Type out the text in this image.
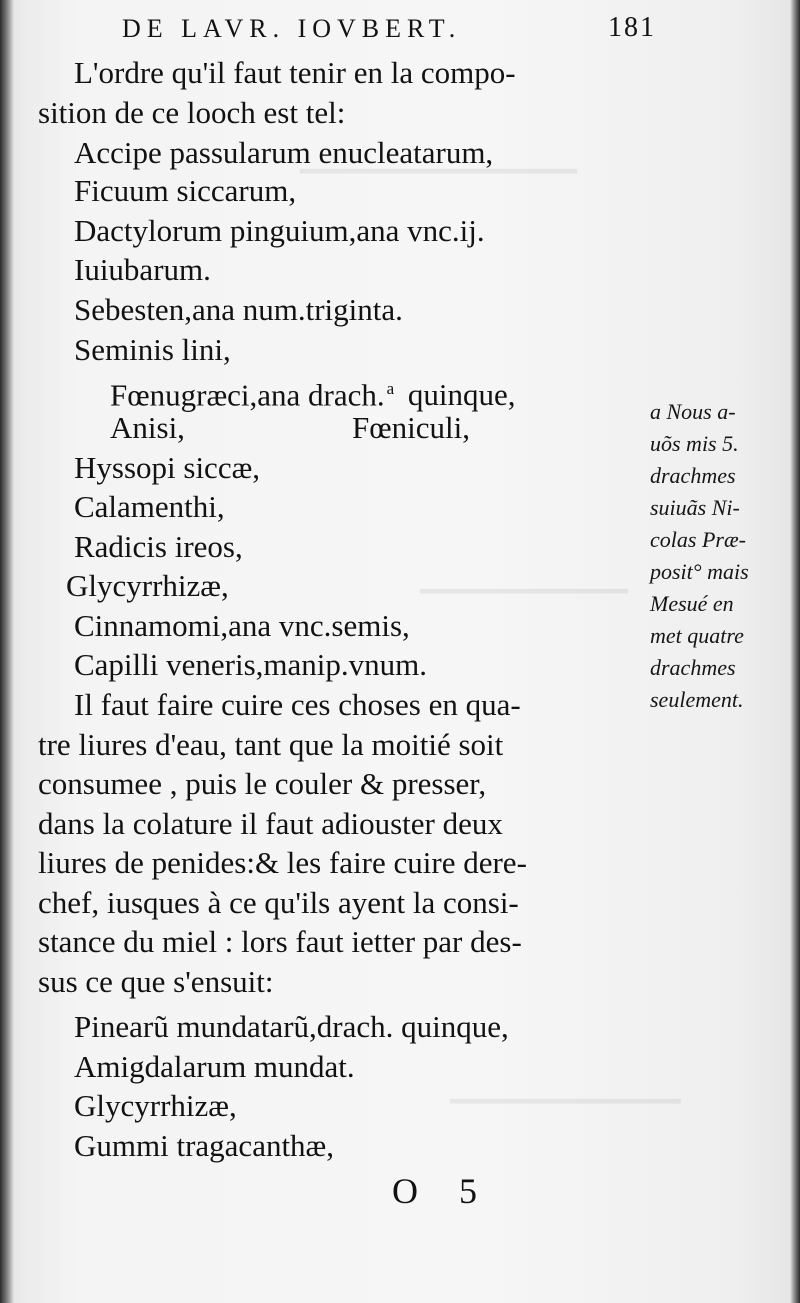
▔▔▔▔▔▔▔▔▔▔▔▔
▔▔▔▔▔▔▔▔▔
▔▔▔▔▔▔▔▔▔▔
DE LAVR. IOVBERT.	181
L'ordre qu'il faut tenir en la compo-
sition de ce looch est tel:
Accipe passularum enucleatarum,
Ficuum siccarum,
Dactylorum pinguium,ana vnc.ij.
Iuiubarum.
Sebesten,ana num.triginta.
Seminis lini,
Fœnugræci,ana drach. $^a$ quinque,
Anisi,	Fœniculi,
Hyssopi siccæ,
Calamenthi,
Radicis ireos,
Glycyrrhizæ,
Cinnamomi,ana vnc.semis,
Capilli veneris,manip.vnum.
Il faut faire cuire ces choses en qua-
tre liures d'eau, tant que la moitié soit
consumee , puis le couler & presser,
dans la colature il faut adiouster deux
liures de penides:& les faire cuire dere-
chef, iusques à ce qu'ils ayent la consi-
stance du miel : lors faut ietter par des-
sus ce que s'ensuit:
Pinearũ mundatarũ,drach. quinque,
Amigdalarum mundat.
Glycyrrhizæ,
Gummi tragacanthæ,
a Nous a-
uõs mis 5.
drachmes
suiuãs Ni-
colas Præ-
posit° mais
Mesué en
met quatre
drachmes
seulement.
O 5
